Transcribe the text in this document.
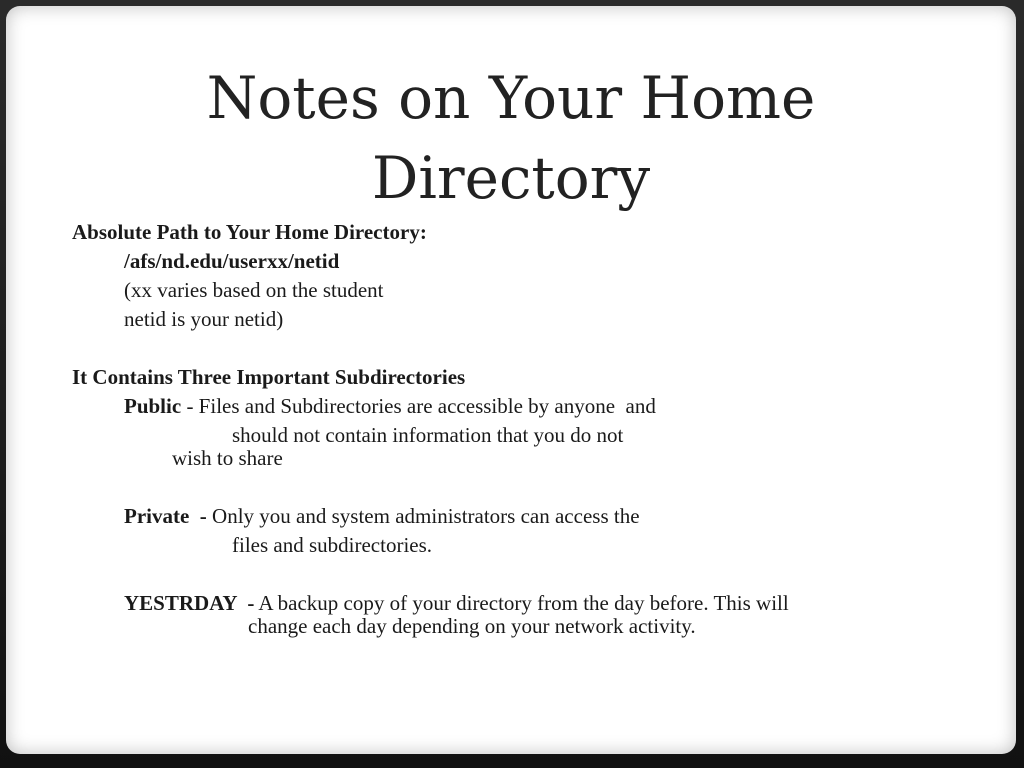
Notes on Your Home
Directory
Absolute Path to Your Home Directory:
/afs/nd.edu/userxx/netid
(xx varies based on the student
netid is your netid)
It Contains Three Important Subdirectories
Public - Files and Subdirectories are accessible by anyone  and
should not contain information that you do not
wish to share
Private  - Only you and system administrators can access the
files and subdirectories.
YESTRDAY  - A backup copy of your directory from the day before. This will
change each day depending on your network activity.
